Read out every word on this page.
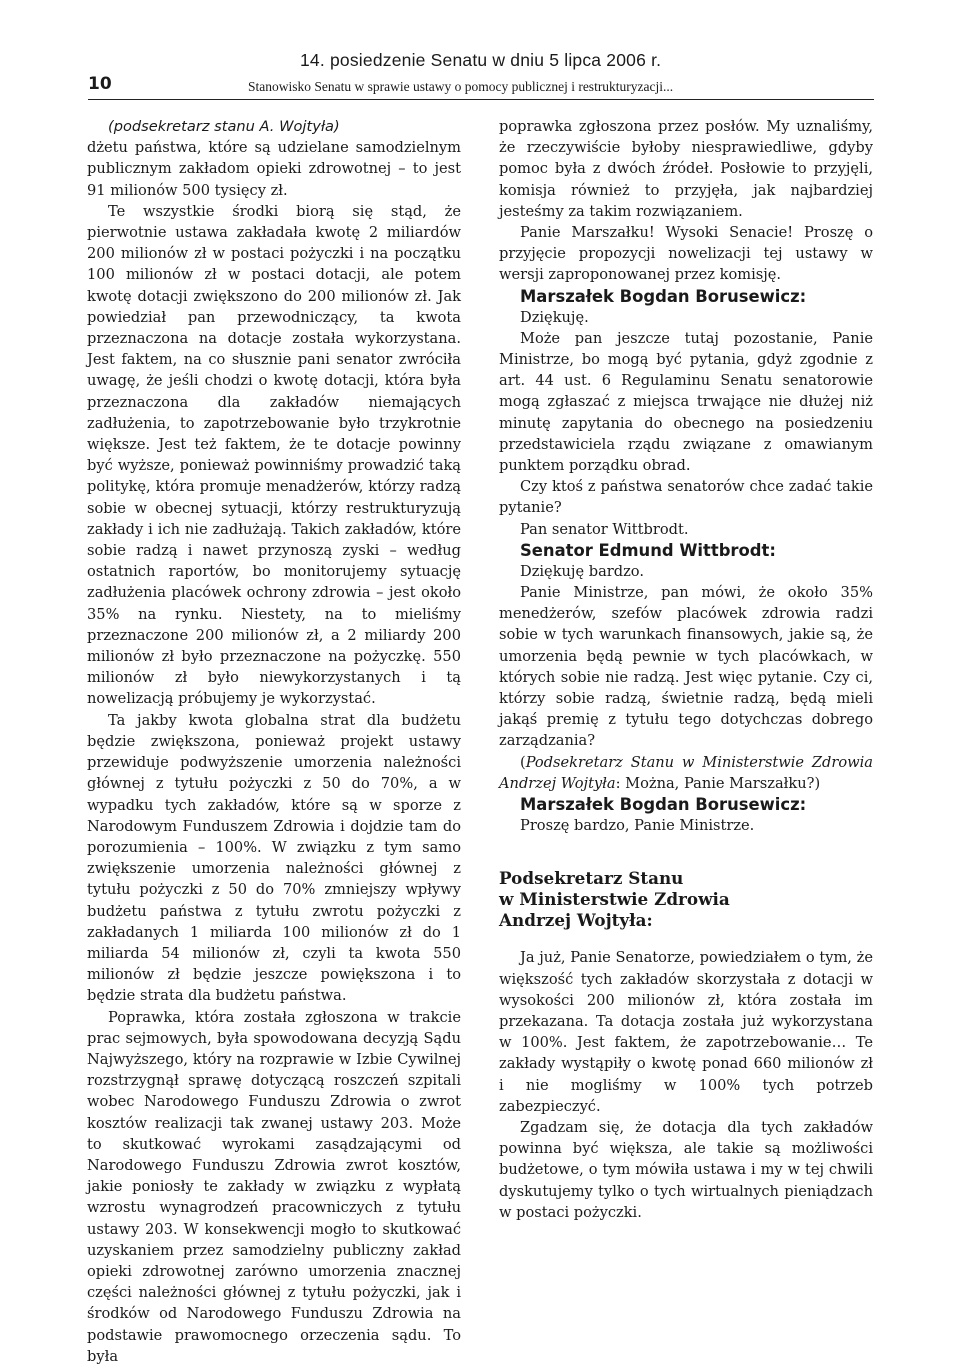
10
14. posiedzenie Senatu w dniu 5 lipca 2006 r.
Stanowisko Senatu w sprawie ustawy o pomocy publicznej i restrukturyzacji...

(podsekretarz stanu A. Wojtyła)

dżetu państwa, które są udzielane samodzielnym publicznym zakładom opieki zdrowotnej – to jest 91 milionów 500 tysięcy zł.

Te wszystkie środki biorą się stąd, że pierwotnie ustawa zakładała kwotę 2 miliardów 200 milionów zł w postaci pożyczki i na początku 100 milionów zł w postaci dotacji, ale potem kwotę dotacji zwiększono do 200 milionów zł. Jak powiedział pan przewodniczący, ta kwota przeznaczona na dotacje została wykorzystana. Jest faktem, na co słusznie pani senator zwróciła uwagę, że jeśli chodzi o kwotę dotacji, która była przeznaczona dla zakładów niemających zadłużenia, to zapotrzebowanie było trzykrotnie większe. Jest też faktem, że te dotacje powinny być wyższe, ponieważ powinniśmy prowadzić taką politykę, która promuje menadżerów, którzy radzą sobie w obecnej sytuacji, którzy restrukturyzują zakłady i ich nie zadłużają. Takich zakładów, które sobie radzą i nawet przynoszą zyski – według ostatnich raportów, bo monitorujemy sytuację zadłużenia placówek ochrony zdrowia – jest około 35% na rynku. Niestety, na to mieliśmy przeznaczone 200 milionów zł, a 2 miliardy 200 milionów zł było przeznaczone na pożyczkę. 550 milionów zł było niewykorzystanych i tą nowelizacją próbujemy je wykorzystać.

Ta jakby kwota globalna strat dla budżetu będzie zwiększona, ponieważ projekt ustawy przewiduje podwyższenie umorzenia należności głównej z tytułu pożyczki z 50 do 70%, a w wypadku tych zakładów, które są w sporze z Narodowym Funduszem Zdrowia i dojdzie tam do porozumienia – 100%. W związku z tym samo zwiększenie umorzenia należności głównej z tytułu pożyczki z 50 do 70% zmniejszy wpływy budżetu państwa z tytułu zwrotu pożyczki z zakładanych 1 miliarda 100 milionów zł do 1 miliarda 54 milionów zł, czyli ta kwota 550 milionów zł będzie jeszcze powiększona i to będzie strata dla budżetu państwa.

Poprawka, która została zgłoszona w trakcie prac sejmowych, była spowodowana decyzją Sądu Najwyższego, który na rozprawie w Izbie Cywilnej rozstrzygnął sprawę dotyczącą roszczeń szpitali wobec Narodowego Funduszu Zdrowia o zwrot kosztów realizacji tak zwanej ustawy 203. Może to skutkować wyrokami zasądzającymi od Narodowego Funduszu Zdrowia zwrot kosztów, jakie poniosły te zakłady w związku z wypłatą wzrostu wynagrodzeń pracowniczych z tytułu ustawy 203. W konsekwencji mogło to skutkować uzyskaniem przez samodzielny publiczny zakład opieki zdrowotnej zarówno umorzenia znacznej części należności głównej z tytułu pożyczki, jak i środków od Narodowego Funduszu Zdrowia na podstawie prawomocnego orzeczenia sądu. To była

poprawka zgłoszona przez posłów. My uznaliśmy, że rzeczywiście byłoby niesprawiedliwe, gdyby pomoc była z dwóch źródeł. Posłowie to przyjęli, komisja również to przyjęła, jak najbardziej jesteśmy za takim rozwiązaniem.

Panie Marszałku! Wysoki Senacie! Proszę o przyjęcie propozycji nowelizacji tej ustawy w wersji zaproponowanej przez komisję.

Marszałek Bogdan Borusewicz:

Dziękuję.

Może pan jeszcze tutaj pozostanie, Panie Ministrze, bo mogą być pytania, gdyż zgodnie z art. 44 ust. 6 Regulaminu Senatu senatorowie mogą zgłaszać z miejsca trwające nie dłużej niż minutę zapytania do obecnego na posiedzeniu przedstawiciela rządu związane z omawianym punktem porządku obrad.

Czy ktoś z państwa senatorów chce zadać takie pytanie?

Pan senator Wittbrodt.

Senator Edmund Wittbrodt:

Dziękuję bardzo.

Panie Ministrze, pan mówi, że około 35% menedżerów, szefów placówek zdrowia radzi sobie w tych warunkach finansowych, jakie są, że umorzenia będą pewnie w tych placówkach, w których sobie nie radzą. Jest więc pytanie. Czy ci, którzy sobie radzą, świetnie radzą, będą mieli jakąś premię z tytułu tego dotychczas dobrego zarządzania?

(Podsekretarz Stanu w Ministerstwie Zdrowia Andrzej Wojtyła: Można, Panie Marszałku?)

Marszałek Bogdan Borusewicz:

Proszę bardzo, Panie Ministrze.

Podsekretarz Stanu
w Ministerstwie Zdrowia
Andrzej Wojtyła:

Ja już, Panie Senatorze, powiedziałem o tym, że większość tych zakładów skorzystała z dotacji w wysokości 200 milionów zł, która została im przekazana. Ta dotacja została już wykorzystana w 100%. Jest faktem, że zapotrzebowanie… Te zakłady wystąpiły o kwotę ponad 660 milionów zł i nie mogliśmy w 100% tych potrzeb zabezpieczyć.

Zgadzam się, że dotacja dla tych zakładów powinna być większa, ale takie są możliwości budżetowe, o tym mówiła ustawa i my w tej chwili dyskutujemy tylko o tych wirtualnych pieniądzach w postaci pożyczki.
